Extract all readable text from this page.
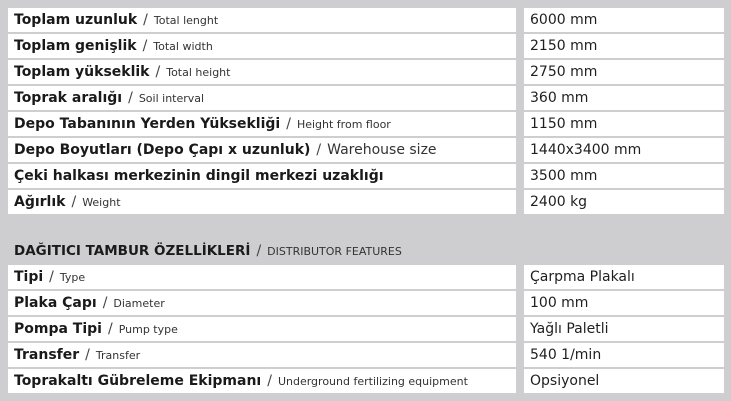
Toplam uzunluk / Total lenght	6000 mm
Toplam genişlik / Total width	2150 mm
Toplam yükseklik / Total height	2750 mm
Toprak aralığı / Soil interval	360 mm
Depo Tabanının Yerden Yüksekliği / Height from floor	1150 mm
Depo Boyutları (Depo Çapı x uzunluk) / Warehouse size	1440x3400 mm
Çeki halkası merkezinin dingil merkezi uzaklığı	3500 mm
Ağırlık / Weight	2400 kg
DAĞITICI TAMBUR ÖZELLİKLERİ / DISTRIBUTOR FEATURES
Tipi / Type	Çarpma Plakalı
Plaka Çapı / Diameter	100 mm
Pompa Tipi / Pump type	Yağlı Paletli
Transfer / Transfer	540 1/min
Toprakaltı Gübreleme Ekipmanı / Underground fertilizing equipment	Opsiyonel
